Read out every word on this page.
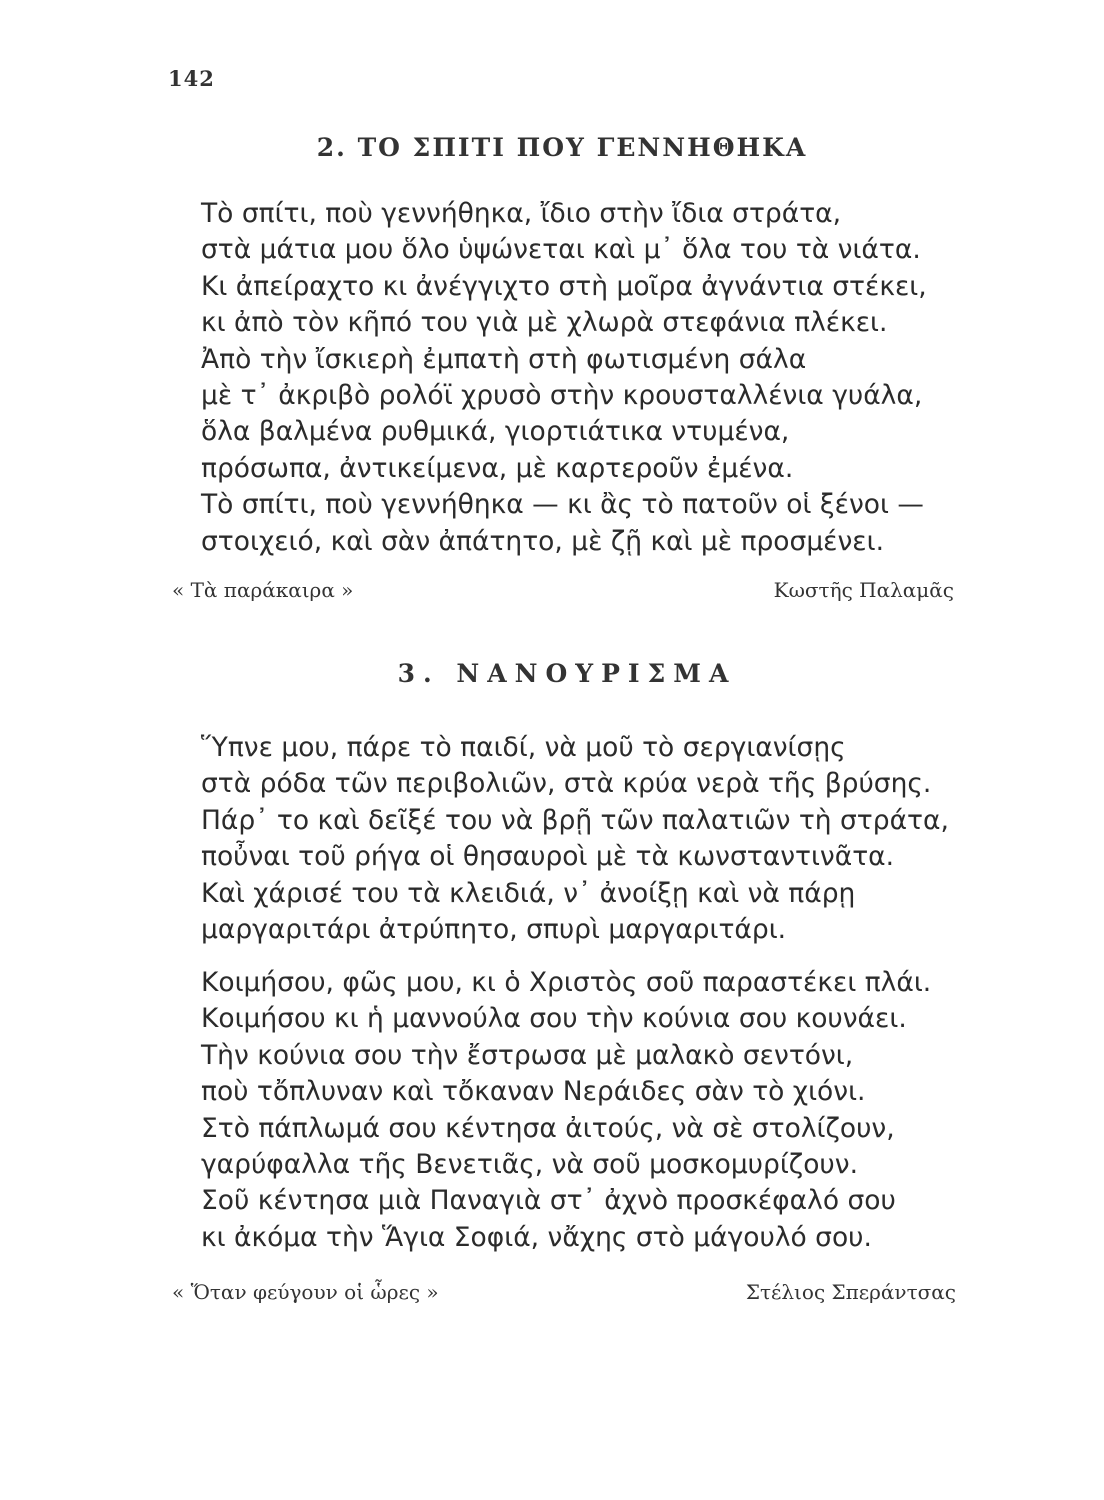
142
2. ΤΟ ΣΠΙΤΙ ΠΟΥ ΓΕΝΝΗΘΗΚΑ
Τὸ σπίτι, ποὺ γεννήθηκα, ἴδιο στὴν ἴδια στράτα,
στὰ μάτια μου ὅλο ὑψώνεται καὶ μ᾽ ὅλα του τὰ νιάτα.
Κι ἀπείραχτο κι ἀνέγγιχτο στὴ μοῖρα ἀγνάντια στέκει,
κι ἀπὸ τὸν κῆπό του γιὰ μὲ χλωρὰ στεφάνια πλέκει.
Ἀπὸ τὴν ἴσκιερὴ ἐμπατὴ στὴ φωτισμένη σάλα
μὲ τ᾽ ἀκριβὸ ρολόϊ χρυσὸ στὴν κρουσταλλένια γυάλα,
ὅλα βαλμένα ρυθμικά, γιορτιάτικα ντυμένα,
πρόσωπα, ἀντικείμενα, μὲ καρτεροῦν ἐμένα.
Τὸ σπίτι, ποὺ γεννήθηκα — κι ἂς τὸ πατοῦν οἱ ξένοι —
στοιχειό, καὶ σὰν ἀπάτητο, μὲ ζῇ καὶ μὲ προσμένει.
« Τὰ παράκαιρα »	Κωστῆς Παλαμᾶς
3. ΝΑΝΟΥΡΙΣΜΑ
Ὕπνε μου, πάρε τὸ παιδί, νὰ μοῦ τὸ σεργιανίσῃς
στὰ ρόδα τῶν περιβολιῶν, στὰ κρύα νερὰ τῆς βρύσης.
Πάρ᾽ το καὶ δεῖξέ του νὰ βρῇ τῶν παλατιῶν τὴ στράτα,
ποὖναι τοῦ ρήγα οἱ θησαυροὶ μὲ τὰ κωνσταντινᾶτα.
Καὶ χάρισέ του τὰ κλειδιά, ν᾽ ἀνοίξῃ καὶ νὰ πάρῃ
μαργαριτάρι ἀτρύπητο, σπυρὶ μαργαριτάρι.
Κοιμήσου, φῶς μου, κι ὁ Χριστὸς σοῦ παραστέκει πλάι.
Κοιμήσου κι ἡ μαννούλα σου τὴν κούνια σου κουνάει.
Τὴν κούνια σου τὴν ἔστρωσα μὲ μαλακὸ σεντόνι,
ποὺ τὄπλυναν καὶ τὄκαναν Νεράιδες σὰν τὸ χιόνι.
Στὸ πάπλωμά σου κέντησα ἀιτούς, νὰ σὲ στολίζουν,
γαρύφαλλα τῆς Βενετιᾶς, νὰ σοῦ μοσκομυρίζουν.
Σοῦ κέντησα μιὰ Παναγιὰ στ᾽ ἀχνὸ προσκέφαλό σου
κι ἀκόμα τὴν Ἅγια Σοφιά, νἄχης στὸ μάγουλό σου.
« Ὅταν φεύγουν οἱ ὧρες »	Στέλιος Σπεράντσας
